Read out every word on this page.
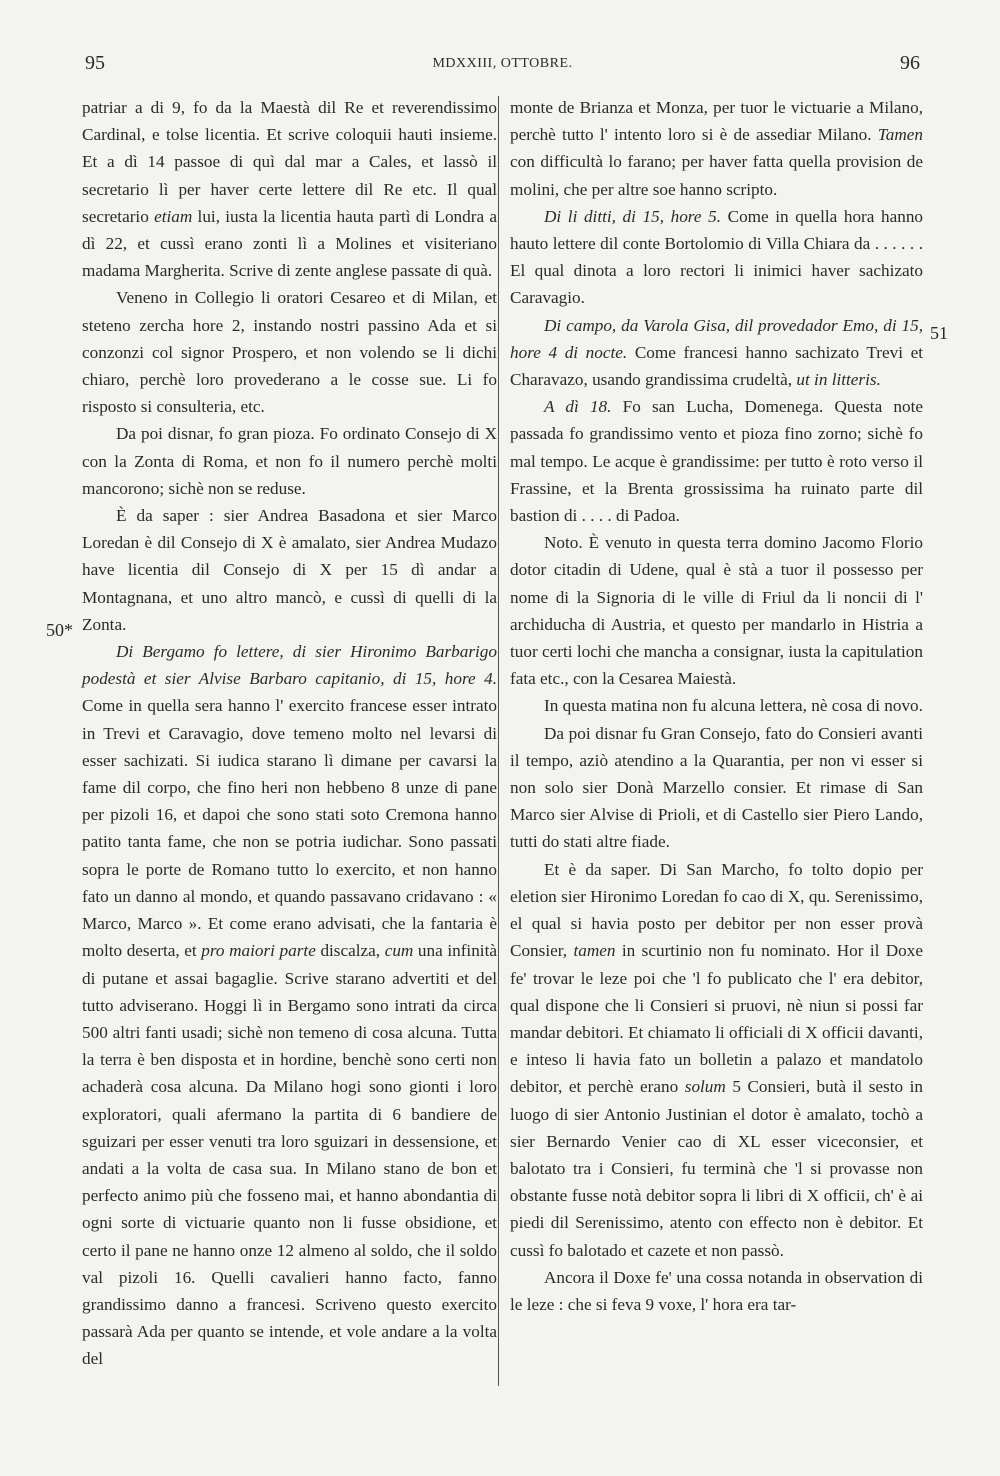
95	MDXXIII, OTTOBRE.	96

patriar a di 9, fo da la Maestà dil Re et reverendissimo Cardinal, e tolse licentia. Et scrive coloquii hauti insieme. Et a dì 14 passoe di quì dal mar a Cales, et lassò il secretario lì per haver certe lettere dil Re etc. Il qual secretario etiam lui, iusta la licentia hauta partì di Londra a dì 22, et cussì erano zonti lì a Molines et visiteriano madama Margherita. Scrive di zente anglese passate di quà.

Veneno in Collegio li oratori Cesareo et di Milan, et steteno zercha hore 2, instando nostri passino Ada et si conzonzi col signor Prospero, et non volendo se li dichi chiaro, perchè loro provederano a le cosse sue. Li fo risposto si consulteria, etc.

Da poi disnar, fo gran pioza. Fo ordinato Consejo di X con la Zonta di Roma, et non fo il numero perchè molti mancorono; sichè non se reduse.

È da saper : sier Andrea Basadona et sier Marco Loredan è dil Consejo di X è amalato, sier Andrea Mudazo have licentia dil Consejo di X per 15 dì andar a Montagnana, et uno altro mancò, e cussì di quelli di la Zonta.

Di Bergamo fo lettere, di sier Hironimo Barbarigo podestà et sier Alvise Barbaro capitanio, di 15, hore 4. Come in quella sera hanno l' exercito francese esser intrato in Trevi et Caravagio, dove temeno molto nel levarsi di esser sachizati. Si iudica starano lì dimane per cavarsi la fame dil corpo, che fino heri non hebbeno 8 unze di pane per pizoli 16, et dapoi che sono stati soto Cremona hanno patito tanta fame, che non se potria iudichar. Sono passati sopra le porte de Romano tutto lo exercito, et non hanno fato un danno al mondo, et quando passavano cridavano : « Marco, Marco ». Et come erano advisati, che la fantaria è molto deserta, et pro maiori parte discalza, cum una infinità di putane et assai bagaglie. Scrive starano advertiti et del tutto adviserano. Hoggi lì in Bergamo sono intrati da circa 500 altri fanti usadi; sichè non temeno di cosa alcuna. Tutta la terra è ben disposta et in hordine, benchè sono certi non achaderà cosa alcuna. Da Milano hogi sono gionti i loro exploratori, quali afermano la partita di 6 bandiere de sguizari per esser venuti tra loro sguizari in dessensione, et andati a la volta de casa sua. In Milano stano de bon et perfecto animo più che fosseno mai, et hanno abondantia di ogni sorte di victuarie quanto non li fusse obsidione, et certo il pane ne hanno onze 12 almeno al soldo, che il soldo val pizoli 16. Quelli cavalieri hanno facto, fanno grandissimo danno a francesi. Scriveno questo exercito passarà Ada per quanto se intende, et vole andare a la volta del

monte de Brianza et Monza, per tuor le victuarie a Milano, perchè tutto l' intento loro si è de assediar Milano. Tamen con difficultà lo farano; per haver fatta quella provision de molini, che per altre soe hanno scripto.

Di li ditti, di 15, hore 5. Come in quella hora hanno hauto lettere dil conte Bortolomio di Villa Chiara da . . . . . . El qual dinota a loro rectori li inimici haver sachizato Caravagio.

Di campo, da Varola Gisa, dil provedador Emo, di 15, hore 4 di nocte. Come francesi hanno sachizato Trevi et Charavazo, usando grandissima crudeltà, ut in litteris.

A dì 18. Fo san Lucha, Domenega. Questa note passada fo grandissimo vento et pioza fino zorno; sichè fo mal tempo. Le acque è grandissime: per tutto è roto verso il Frassine, et la Brenta grossissima ha ruinato parte dil bastion di . . . . di Padoa.

Noto. È venuto in questa terra domino Jacomo Florio dotor citadin di Udene, qual è stà a tuor il possesso per nome di la Signoria di le ville di Friul da li noncii di l' archiducha di Austria, et questo per mandarlo in Histria a tuor certi lochi che mancha a consignar, iusta la capitulation fata etc., con la Cesarea Maiestà.

In questa matina non fu alcuna lettera, nè cosa di novo.

Da poi disnar fu Gran Consejo, fato do Consieri avanti il tempo, aziò atendino a la Quarantia, per non vi esser si non solo sier Donà Marzello consier. Et rimase di San Marco sier Alvise di Prioli, et di Castello sier Piero Lando, tutti do stati altre fiade.

Et è da saper. Di San Marcho, fo tolto dopio per eletion sier Hironimo Loredan fo cao di X, qu. Serenissimo, el qual si havia posto per debitor per non esser provà Consier, tamen in scurtinio non fu nominato. Hor il Doxe fe' trovar le leze poi che 'l fo publicato che l' era debitor, qual dispone che li Consieri si pruovi, nè niun si possi far mandar debitori. Et chiamato li officiali di X officii davanti, e inteso li havia fato un bolletin a palazo et mandatolo debitor, et perchè erano solum 5 Consieri, butà il sesto in luogo di sier Antonio Justinian el dotor è amalato, tochò a sier Bernardo Venier cao di XL esser viceconsier, et balotato tra i Consieri, fu terminà che 'l si provasse non obstante fusse notà debitor sopra li libri di X officii, ch' è ai piedi dil Serenissimo, atento con effecto non è debitor. Et cussì fo balotado et cazete et non passò.

Ancora il Doxe fe' una cossa notanda in observation di le leze : che si feva 9 voxe, l' hora era tar-

50*
51
